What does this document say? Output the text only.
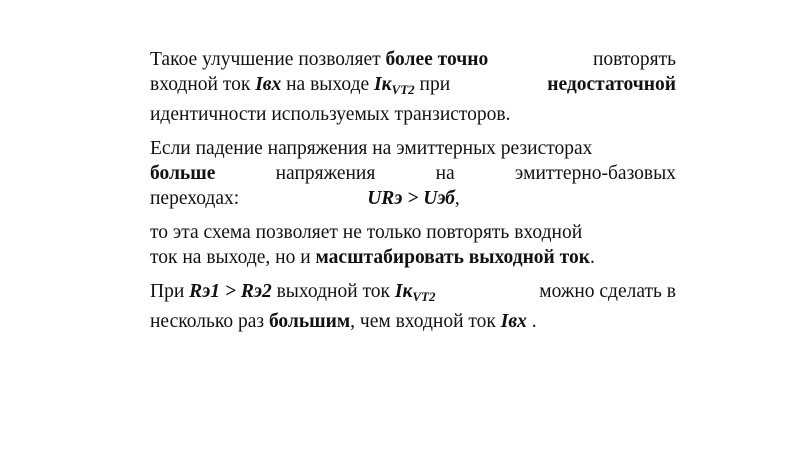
Такое улучшение позволяет более точно	повторять
входной ток Iвх на выходе $Iк_{VT2}$ при	недостаточной
идентичности используемых транзисторов.
Если падение напряжения на эмиттерных резисторах
больше	напряжения	на	эмиттерно-базовых
переходах:	URэ > Uэб,
то эта схема позволяет не только повторять входной
ток на выходе, но и масштабировать выходной ток.
При Rэ1 > Rэ2 выходной ток $Iк_{VT2}$	можно сделать в
несколько раз большим, чем входной ток Iвх .
